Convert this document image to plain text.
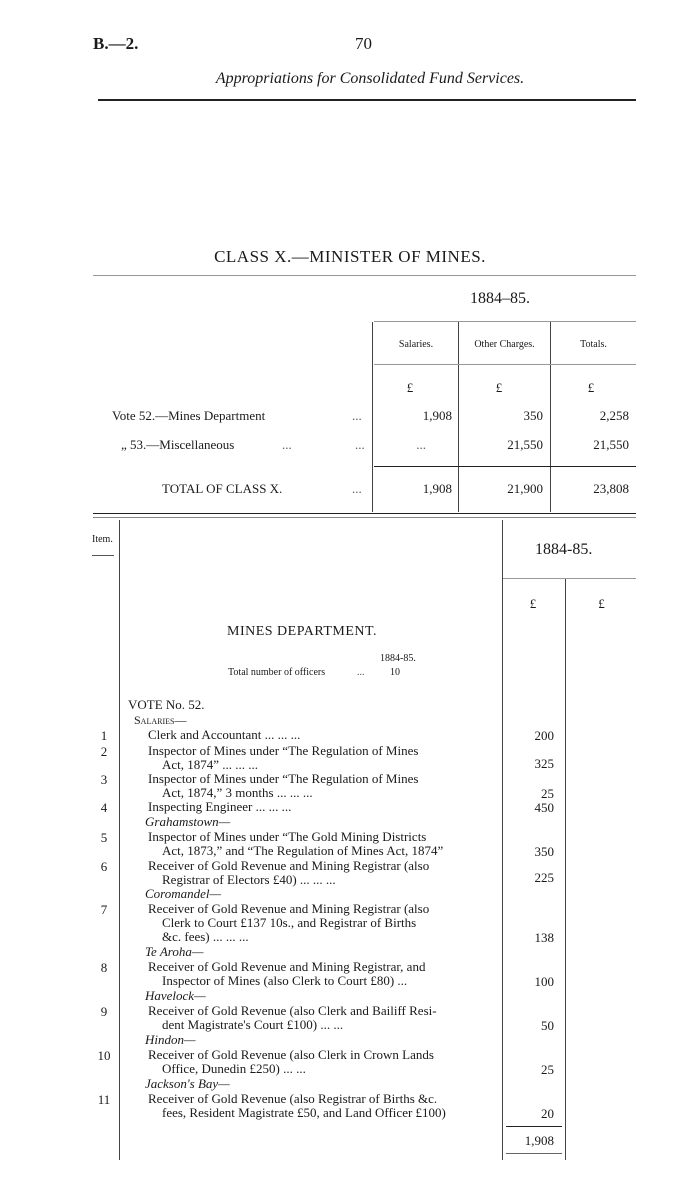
B.—2.	70
Appropriations for Consolidated Fund Services.
CLASS X.—MINISTER OF MINES.
1884–85.
Salaries.	Other Charges.	Totals.
£	£	£
Vote 52.—Mines Department	...	1,908	350	2,258
„ 53.—Miscellaneous	... ...	...	21,550	21,550
TOTAL OF CLASS X.	...	1,908	21,900	23,808
Item.
1884-85.
£	£
MINES DEPARTMENT.
1884-85.
Total number of officers	...	10
VOTE No. 52.
Salaries—
1	Clerk and Accountant ... ... ...	200
2	Inspector of Mines under “The Regulation of Mines
Act, 1874” ... ... ...	325
3	Inspector of Mines under “The Regulation of Mines
Act, 1874,” 3 months ... ... ...	25
4	Inspecting Engineer ... ... ...	450
Grahamstown—
5	Inspector of Mines under “The Gold Mining Districts
Act, 1873,” and “The Regulation of Mines Act, 1874”	350
6	Receiver of Gold Revenue and Mining Registrar (also
Registrar of Electors £40) ... ... ...	225
Coromandel—
7	Receiver of Gold Revenue and Mining Registrar (also
Clerk to Court £137 10s., and Registrar of Births
&c. fees) ... ... ...	138
Te Aroha—
8	Receiver of Gold Revenue and Mining Registrar, and
Inspector of Mines (also Clerk to Court £80) ...	100
Havelock—
9	Receiver of Gold Revenue (also Clerk and Bailiff Resi-
dent Magistrate's Court £100) ... ...	50
Hindon—
10	Receiver of Gold Revenue (also Clerk in Crown Lands
Office, Dunedin £250) ... ...	25
Jackson's Bay—
11	Receiver of Gold Revenue (also Registrar of Births &c.
fees, Resident Magistrate £50, and Land Officer £100)	20
1,908
